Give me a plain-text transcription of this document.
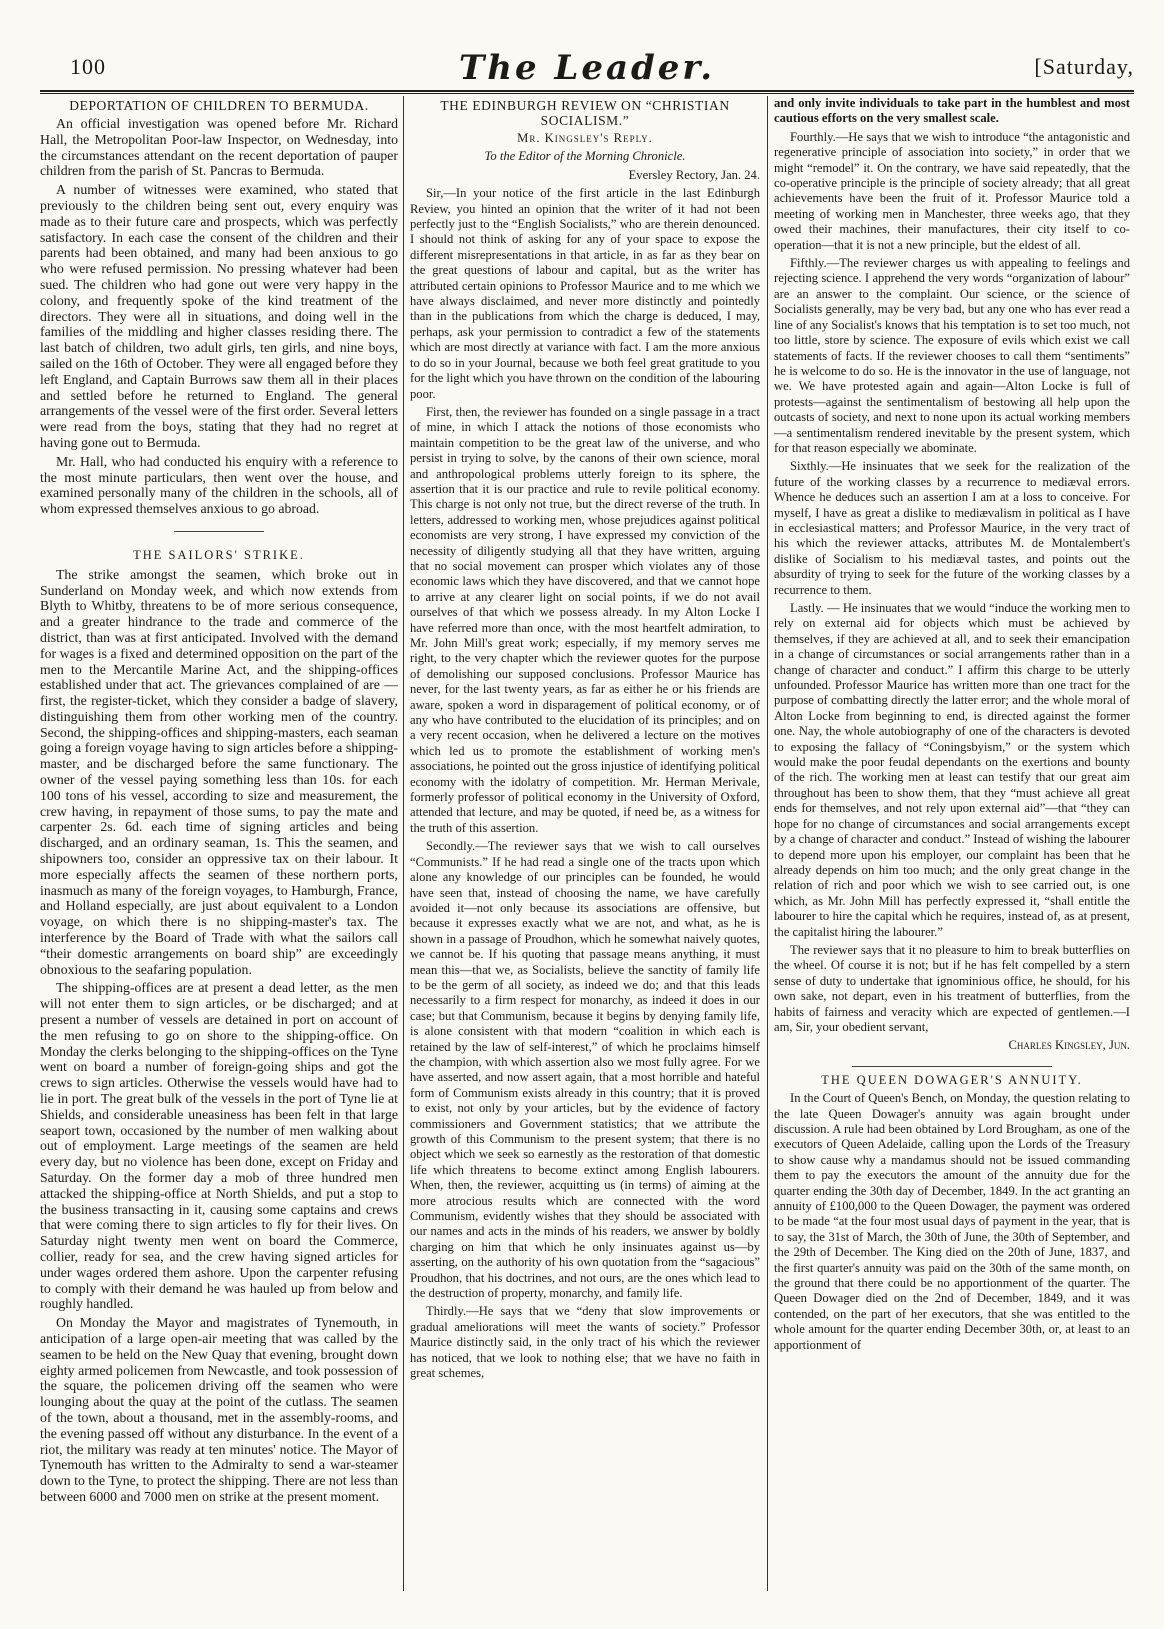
100	The Leader.	[Saturday,
DEPORTATION OF CHILDREN TO BERMUDA.

An official investigation was opened before Mr. Richard Hall, the Metropolitan Poor-law Inspector, on Wednesday, into the circumstances attendant on the recent deportation of pauper children from the parish of St. Pancras to Bermuda.

A number of witnesses were examined, who stated that previously to the children being sent out, every enquiry was made as to their future care and prospects, which was perfectly satisfactory. In each case the consent of the children and their parents had been obtained, and many had been anxious to go who were refused permission. No pressing whatever had been sued. The children who had gone out were very happy in the colony, and frequently spoke of the kind treatment of the directors. They were all in situations, and doing well in the families of the middling and higher classes residing there. The last batch of children, two adult girls, ten girls, and nine boys, sailed on the 16th of October. They were all engaged before they left England, and Captain Burrows saw them all in their places and settled before he returned to England. The general arrangements of the vessel were of the first order. Several letters were read from the boys, stating that they had no regret at having gone out to Bermuda.

Mr. Hall, who had conducted his enquiry with a reference to the most minute particulars, then went over the house, and examined personally many of the children in the schools, all of whom expressed themselves anxious to go abroad.

THE SAILORS' STRIKE.

The strike amongst the seamen, which broke out in Sunderland on Monday week, and which now extends from Blyth to Whitby, threatens to be of more serious consequence, and a greater hindrance to the trade and commerce of the district, than was at first anticipated. Involved with the demand for wages is a fixed and determined opposition on the part of the men to the Mercantile Marine Act, and the shipping-offices established under that act. The grievances complained of are — first, the register-ticket, which they consider a badge of slavery, distinguishing them from other working men of the country. Second, the shipping-offices and shipping-masters, each seaman going a foreign voyage having to sign articles before a shipping-master, and be discharged before the same functionary. The owner of the vessel paying something less than 10s. for each 100 tons of his vessel, according to size and measurement, the crew having, in repayment of those sums, to pay the mate and carpenter 2s. 6d. each time of signing articles and being discharged, and an ordinary seaman, 1s. This the seamen, and shipowners too, consider an oppressive tax on their labour. It more especially affects the seamen of these northern ports, inasmuch as many of the foreign voyages, to Hamburgh, France, and Holland especially, are just about equivalent to a London voyage, on which there is no shipping-master's tax. The interference by the Board of Trade with what the sailors call “their domestic arrangements on board ship” are exceedingly obnoxious to the seafaring population.

The shipping-offices are at present a dead letter, as the men will not enter them to sign articles, or be discharged; and at present a number of vessels are detained in port on account of the men refusing to go on shore to the shipping-office. On Monday the clerks belonging to the shipping-offices on the Tyne went on board a number of foreign-going ships and got the crews to sign articles. Otherwise the vessels would have had to lie in port. The great bulk of the vessels in the port of Tyne lie at Shields, and considerable uneasiness has been felt in that large seaport town, occasioned by the number of men walking about out of employment. Large meetings of the seamen are held every day, but no violence has been done, except on Friday and Saturday. On the former day a mob of three hundred men attacked the shipping-office at North Shields, and put a stop to the business transacting in it, causing some captains and crews that were coming there to sign articles to fly for their lives. On Saturday night twenty men went on board the Commerce, collier, ready for sea, and the crew having signed articles for under wages ordered them ashore. Upon the carpenter refusing to comply with their demand he was hauled up from below and roughly handled.

On Monday the Mayor and magistrates of Tynemouth, in anticipation of a large open-air meeting that was called by the seamen to be held on the New Quay that evening, brought down eighty armed policemen from Newcastle, and took possession of the square, the policemen driving off the seamen who were lounging about the quay at the point of the cutlass. The seamen of the town, about a thousand, met in the assembly-rooms, and the evening passed off without any disturbance. In the event of a riot, the military was ready at ten minutes' notice. The Mayor of Tynemouth has written to the Admiralty to send a war-steamer down to the Tyne, to protect the shipping. There are not less than between 6000 and 7000 men on strike at the present moment.

THE EDINBURGH REVIEW ON “CHRISTIAN SOCIALISM.”

Mr. Kingsley's Reply.

To the Editor of the Morning Chronicle.

Eversley Rectory, Jan. 24.

Sir,—In your notice of the first article in the last Edinburgh Review, you hinted an opinion that the writer of it had not been perfectly just to the “English Socialists,” who are therein denounced. I should not think of asking for any of your space to expose the different misrepresentations in that article, in as far as they bear on the great questions of labour and capital, but as the writer has attributed certain opinions to Professor Maurice and to me which we have always disclaimed, and never more distinctly and pointedly than in the publications from which the charge is deduced, I may, perhaps, ask your permission to contradict a few of the statements which are most directly at variance with fact. I am the more anxious to do so in your Journal, because we both feel great gratitude to you for the light which you have thrown on the condition of the labouring poor.

First, then, the reviewer has founded on a single passage in a tract of mine, in which I attack the notions of those economists who maintain competition to be the great law of the universe, and who persist in trying to solve, by the canons of their own science, moral and anthropological problems utterly foreign to its sphere, the assertion that it is our practice and rule to revile political economy. This charge is not only not true, but the direct reverse of the truth. In letters, addressed to working men, whose prejudices against political economists are very strong, I have expressed my conviction of the necessity of diligently studying all that they have written, arguing that no social movement can prosper which violates any of those economic laws which they have discovered, and that we cannot hope to arrive at any clearer light on social points, if we do not avail ourselves of that which we possess already. In my Alton Locke I have referred more than once, with the most heartfelt admiration, to Mr. John Mill's great work; especially, if my memory serves me right, to the very chapter which the reviewer quotes for the purpose of demolishing our supposed conclusions. Professor Maurice has never, for the last twenty years, as far as either he or his friends are aware, spoken a word in disparagement of political economy, or of any who have contributed to the elucidation of its principles; and on a very recent occasion, when he delivered a lecture on the motives which led us to promote the establishment of working men's associations, he pointed out the gross injustice of identifying political economy with the idolatry of competition. Mr. Herman Merivale, formerly professor of political economy in the University of Oxford, attended that lecture, and may be quoted, if need be, as a witness for the truth of this assertion.

Secondly.—The reviewer says that we wish to call ourselves “Communists.” If he had read a single one of the tracts upon which alone any knowledge of our principles can be founded, he would have seen that, instead of choosing the name, we have carefully avoided it—not only because its associations are offensive, but because it expresses exactly what we are not, and what, as he is shown in a passage of Proudhon, which he somewhat naively quotes, we cannot be. If his quoting that passage means anything, it must mean this—that we, as Socialists, believe the sanctity of family life to be the germ of all society, as indeed we do; and that this leads necessarily to a firm respect for monarchy, as indeed it does in our case; but that Communism, because it begins by denying family life, is alone consistent with that modern “coalition in which each is retained by the law of self-interest,” of which he proclaims himself the champion, with which assertion also we most fully agree. For we have asserted, and now assert again, that a most horrible and hateful form of Communism exists already in this country; that it is proved to exist, not only by your articles, but by the evidence of factory commissioners and Government statistics; that we attribute the growth of this Communism to the present system; that there is no object which we seek so earnestly as the restoration of that domestic life which threatens to become extinct among English labourers. When, then, the reviewer, acquitting us (in terms) of aiming at the more atrocious results which are connected with the word Communism, evidently wishes that they should be associated with our names and acts in the minds of his readers, we answer by boldly charging on him that which he only insinuates against us—by asserting, on the authority of his own quotation from the “sagacious” Proudhon, that his doctrines, and not ours, are the ones which lead to the destruction of property, monarchy, and family life.

Thirdly.—He says that we “deny that slow improvements or gradual ameliorations will meet the wants of society.” Professor Maurice distinctly said, in the only tract of his which the reviewer has noticed, that we look to nothing else; that we have no faith in great schemes,

and only invite individuals to take part in the humblest and most cautious efforts on the very smallest scale.

Fourthly.—He says that we wish to introduce “the antagonistic and regenerative principle of association into society,” in order that we might “remodel” it. On the contrary, we have said repeatedly, that the co-operative principle is the principle of society already; that all great achievements have been the fruit of it. Professor Maurice told a meeting of working men in Manchester, three weeks ago, that they owed their machines, their manufactures, their city itself to co-operation—that it is not a new principle, but the eldest of all.

Fifthly.—The reviewer charges us with appealing to feelings and rejecting science. I apprehend the very words “organization of labour” are an answer to the complaint. Our science, or the science of Socialists generally, may be very bad, but any one who has ever read a line of any Socialist's knows that his temptation is to set too much, not too little, store by science. The exposure of evils which exist we call statements of facts. If the reviewer chooses to call them “sentiments” he is welcome to do so. He is the innovator in the use of language, not we. We have protested again and again—Alton Locke is full of protests—against the sentimentalism of bestowing all help upon the outcasts of society, and next to none upon its actual working members—a sentimentalism rendered inevitable by the present system, which for that reason especially we abominate.

Sixthly.—He insinuates that we seek for the realization of the future of the working classes by a recurrence to mediæval errors. Whence he deduces such an assertion I am at a loss to conceive. For myself, I have as great a dislike to mediævalism in political as I have in ecclesiastical matters; and Professor Maurice, in the very tract of his which the reviewer attacks, attributes M. de Montalembert's dislike of Socialism to his mediæval tastes, and points out the absurdity of trying to seek for the future of the working classes by a recurrence to them.

Lastly. — He insinuates that we would “induce the working men to rely on external aid for objects which must be achieved by themselves, if they are achieved at all, and to seek their emancipation in a change of circumstances or social arrangements rather than in a change of character and conduct.” I affirm this charge to be utterly unfounded. Professor Maurice has written more than one tract for the purpose of combatting directly the latter error; and the whole moral of Alton Locke from beginning to end, is directed against the former one. Nay, the whole autobiography of one of the characters is devoted to exposing the fallacy of “Coningsbyism,” or the system which would make the poor feudal dependants on the exertions and bounty of the rich. The working men at least can testify that our great aim throughout has been to show them, that they “must achieve all great ends for themselves, and not rely upon external aid”—that “they can hope for no change of circumstances and social arrangements except by a change of character and conduct.” Instead of wishing the labourer to depend more upon his employer, our complaint has been that he already depends on him too much; and the only great change in the relation of rich and poor which we wish to see carried out, is one which, as Mr. John Mill has perfectly expressed it, “shall entitle the labourer to hire the capital which he requires, instead of, as at present, the capitalist hiring the labourer.”

The reviewer says that it no pleasure to him to break butterflies on the wheel. Of course it is not; but if he has felt compelled by a stern sense of duty to undertake that ignominious office, he should, for his own sake, not depart, even in his treatment of butterflies, from the habits of fairness and veracity which are expected of gentlemen.—I am, Sir, your obedient servant,

Charles Kingsley, Jun.

THE QUEEN DOWAGER'S ANNUITY.

In the Court of Queen's Bench, on Monday, the question relating to the late Queen Dowager's annuity was again brought under discussion. A rule had been obtained by Lord Brougham, as one of the executors of Queen Adelaide, calling upon the Lords of the Treasury to show cause why a mandamus should not be issued commanding them to pay the executors the amount of the annuity due for the quarter ending the 30th day of December, 1849. In the act granting an annuity of £100,000 to the Queen Dowager, the payment was ordered to be made “at the four most usual days of payment in the year, that is to say, the 31st of March, the 30th of June, the 30th of September, and the 29th of December. The King died on the 20th of June, 1837, and the first quarter's annuity was paid on the 30th of the same month, on the ground that there could be no apportionment of the quarter. The Queen Dowager died on the 2nd of December, 1849, and it was contended, on the part of her executors, that she was entitled to the whole amount for the quarter ending December 30th, or, at least to an apportionment of
